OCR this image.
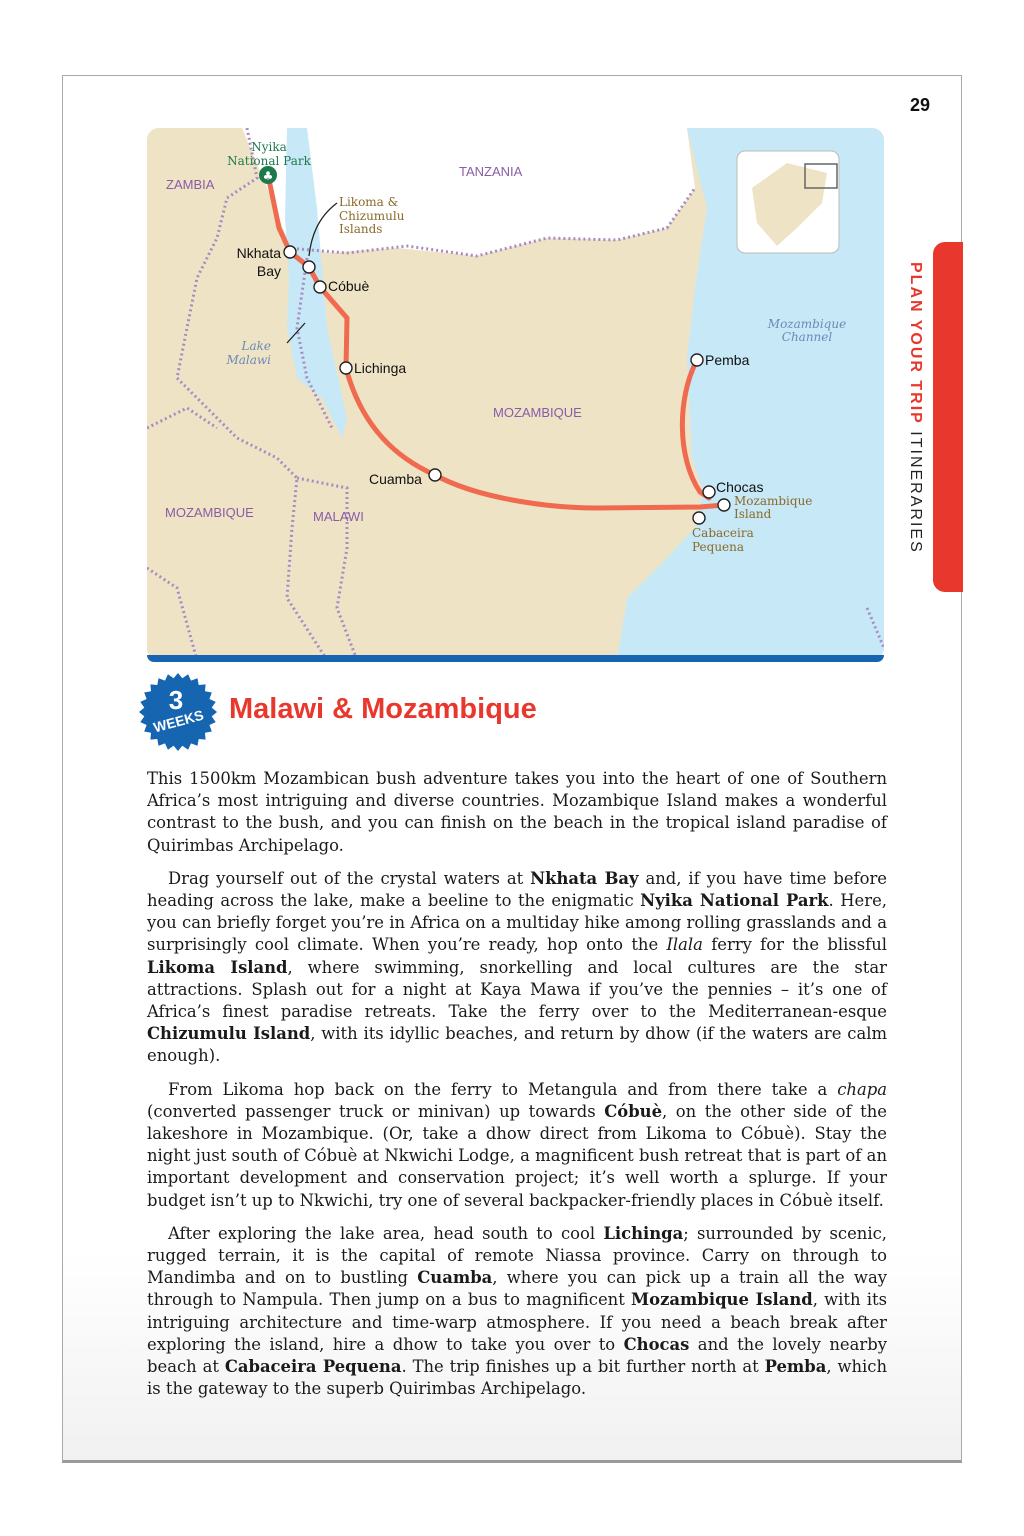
29
PLAN YOUR TRIP ITINERARIES
♣
ZAMBIA
TANZANIA
MOZAMBIQUE
MOZAMBIQUE	MALAWI
Nyika
National Park
Likoma &
Chizumulu
Islands
Lake
Malawi
Mozambique
Channel
Nkhata
Bay
Cóbuè
Lichinga
Cuamba
Pemba
Chocas
Mozambique
Island
Cabaceira
Pequena
3
WEEKS Malawi & Mozambique

This 1500km Mozambican bush adventure takes you into the heart of one of Southern Africa’s most intriguing and diverse countries. Mozambique Island makes a wonderful contrast to the bush, and you can finish on the beach in the tropical island paradise of Quirimbas Archipelago.

Drag yourself out of the crystal waters at Nkhata Bay and, if you have time before heading across the lake, make a beeline to the enigmatic Nyika National Park. Here, you can briefly forget you’re in Africa on a multiday hike among rolling grasslands and a surprisingly cool climate. When you’re ready, hop onto the Ilala ferry for the blissful Likoma Island, where swimming, snorkelling and local cultures are the star attractions. Splash out for a night at Kaya Mawa if you’ve the pennies – it’s one of Africa’s finest paradise retreats. Take the ferry over to the Mediterranean-esque Chizumulu Island, with its idyllic beaches, and return by dhow (if the waters are calm enough).

From Likoma hop back on the ferry to Metangula and from there take a chapa (converted passenger truck or minivan) up towards Cóbuè, on the other side of the lakeshore in Mozambique. (Or, take a dhow direct from Likoma to Cóbuè). Stay the night just south of Cóbuè at Nkwichi Lodge, a magnificent bush retreat that is part of an important development and conservation project; it’s well worth a splurge. If your budget isn’t up to Nkwichi, try one of several backpacker-friendly places in Cóbuè itself.

After exploring the lake area, head south to cool Lichinga; surrounded by scenic, rugged terrain, it is the capital of remote Niassa province. Carry on through to Mandimba and on to bustling Cuamba, where you can pick up a train all the way through to Nampula. Then jump on a bus to magnificent Mozambique Island, with its intriguing architecture and time-warp atmosphere. If you need a beach break after exploring the island, hire a dhow to take you over to Chocas and the lovely nearby beach at Cabaceira Pequena. The trip finishes up a bit further north at Pemba, which is the gateway to the superb Quirimbas Archipelago.
